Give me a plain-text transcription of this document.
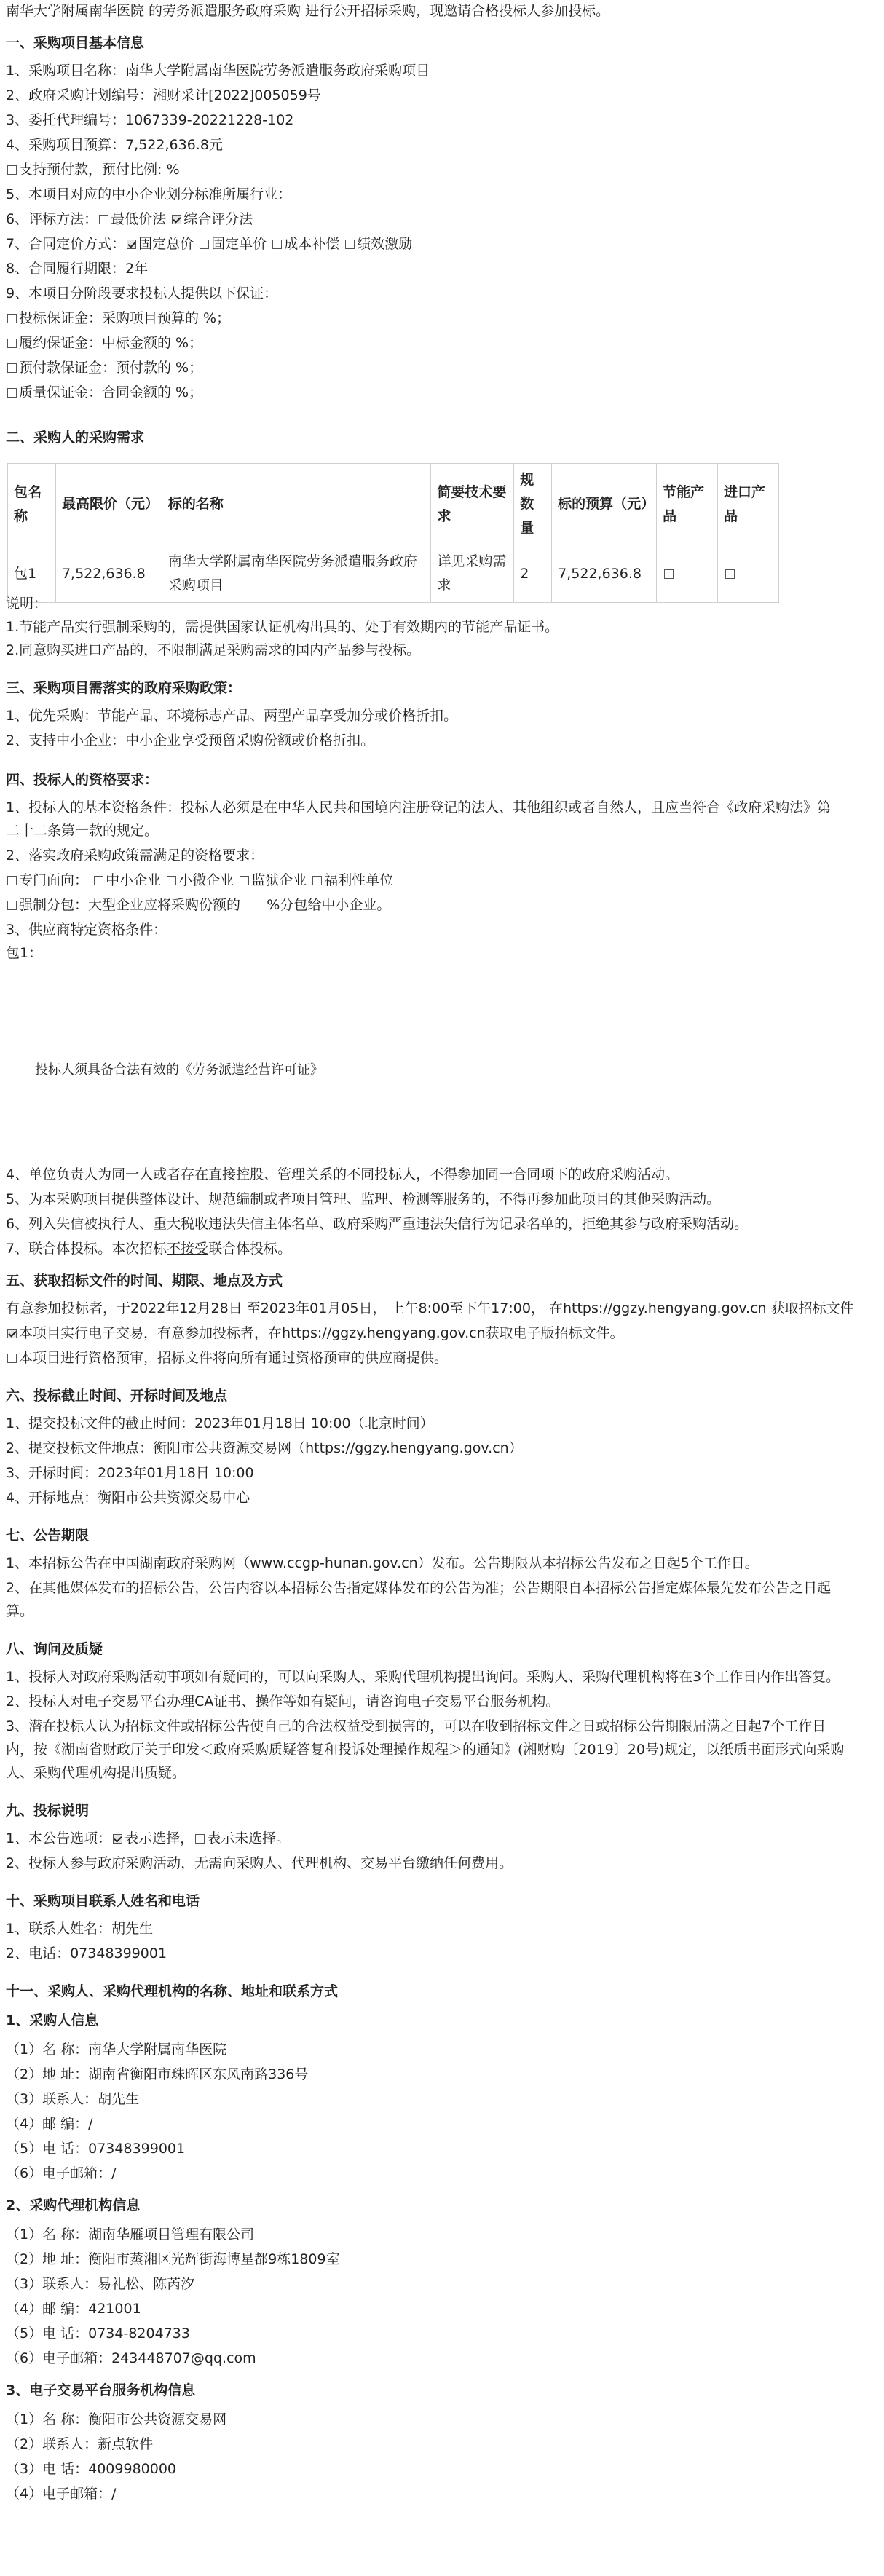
南华大学附属南华医院 的劳务派遣服务政府采购 进行公开招标采购，现邀请合格投标人参加投标。
一、采购项目基本信息
1、采购项目名称：南华大学附属南华医院劳务派遣服务政府采购项目
2、政府采购计划编号：湘财采计[2022]005059号
3、委托代理编号：1067339-20221228-102
4、采购项目预算：7,522,636.8元
支持预付款，预付比例: %
5、本项目对应的中小企业划分标准所属行业：
6、评标方法： 最低价法 综合评分法
7、合同定价方式： 固定总价 固定单价 成本补偿 绩效激励
8、合同履行期限：2年
9、本项目分阶段要求投标人提供以下保证：
投标保证金：采购项目预算的 %；
履约保证金：中标金额的 %；
预付款保证金：预付款的 %；
质量保证金：合同金额的 %；
二、采购人的采购需求
包名称	最高限价（元）	标的名称	简要技术要求	规数量	标的预算（元）	节能产品	进口产品
包1	7,522,636.8	南华大学附属南华医院劳务派遣服务政府采购项目	详见采购需求	2	7,522,636.8		
说明：
1.节能产品实行强制采购的，需提供国家认证机构出具的、处于有效期内的节能产品证书。
2.同意购买进口产品的，不限制满足采购需求的国内产品参与投标。
三、采购项目需落实的政府采购政策：
1、优先采购：节能产品、环境标志产品、两型产品享受加分或价格折扣。
2、支持中小企业：中小企业享受预留采购份额或价格折扣。
四、投标人的资格要求：
1、投标人的基本资格条件：投标人必须是在中华人民共和国境内注册登记的法人、其他组织或者自然人，且应当符合《政府采购法》第
二十二条第一款的规定。
2、落实政府采购政策需满足的资格要求：
专门面向： 中小企业 小微企业 监狱企业 福利性单位
强制分包：大型企业应将采购份额的 %分包给中小企业。
3、供应商特定资格条件：
包1：
投标人须具备合法有效的《劳务派遣经营许可证》
4、单位负责人为同一人或者存在直接控股、管理关系的不同投标人，不得参加同一合同项下的政府采购活动。
5、为本采购项目提供整体设计、规范编制或者项目管理、监理、检测等服务的，不得再参加此项目的其他采购活动。
6、列入失信被执行人、重大税收违法失信主体名单、政府采购严重违法失信行为记录名单的，拒绝其参与政府采购活动。
7、联合体投标。本次招标不接受联合体投标。
五、获取招标文件的时间、期限、地点及方式
有意参加投标者，于2022年12月28日 至2023年01月05日， 上午8:00至下午17:00， 在https://ggzy.hengyang.gov.cn 获取招标文件
本项目实行电子交易，有意参加投标者，在https://ggzy.hengyang.gov.cn获取电子版招标文件。
本项目进行资格预审，招标文件将向所有通过资格预审的供应商提供。
六、投标截止时间、开标时间及地点
1、提交投标文件的截止时间：2023年01月18日 10:00（北京时间）
2、提交投标文件地点：衡阳市公共资源交易网（https://ggzy.hengyang.gov.cn）
3、开标时间：2023年01月18日 10:00
4、开标地点：衡阳市公共资源交易中心
七、公告期限
1、本招标公告在中国湖南政府采购网（www.ccgp-hunan.gov.cn）发布。公告期限从本招标公告发布之日起5个工作日。
2、在其他媒体发布的招标公告，公告内容以本招标公告指定媒体发布的公告为准；公告期限自本招标公告指定媒体最先发布公告之日起
算。
八、询问及质疑
1、投标人对政府采购活动事项如有疑问的，可以向采购人、采购代理机构提出询问。采购人、采购代理机构将在3个工作日内作出答复。
2、投标人对电子交易平台办理CA证书、操作等如有疑问，请咨询电子交易平台服务机构。
3、潜在投标人认为招标文件或招标公告使自己的合法权益受到损害的，可以在收到招标文件之日或招标公告期限届满之日起7个工作日
内，按《湖南省财政厅关于印发＜政府采购质疑答复和投诉处理操作规程＞的通知》(湘财购〔2019〕20号)规定，以纸质书面形式向采购
人、采购代理机构提出质疑。
九、投标说明
1、本公告选项： 表示选择， 表示未选择。
2、投标人参与政府采购活动，无需向采购人、代理机构、交易平台缴纳任何费用。
十、采购项目联系人姓名和电话
1、联系人姓名：胡先生
2、电话：07348399001
十一、采购人、采购代理机构的名称、地址和联系方式
1、采购人信息
（1）名 称：南华大学附属南华医院
（2）地 址：湖南省衡阳市珠晖区东风南路336号
（3）联系人：胡先生
（4）邮 编：/
（5）电 话：07348399001
（6）电子邮箱：/
2、采购代理机构信息
（1）名 称：湖南华雁项目管理有限公司
（2）地 址：衡阳市蒸湘区光辉街海博星都9栋1809室
（3）联系人：易礼松、陈芮汐
（4）邮 编：421001
（5）电 话：0734-8204733
（6）电子邮箱：243448707@qq.com
3、电子交易平台服务机构信息
（1）名 称：衡阳市公共资源交易网
（2）联系人：新点软件
（3）电 话：4009980000
（4）电子邮箱：/
